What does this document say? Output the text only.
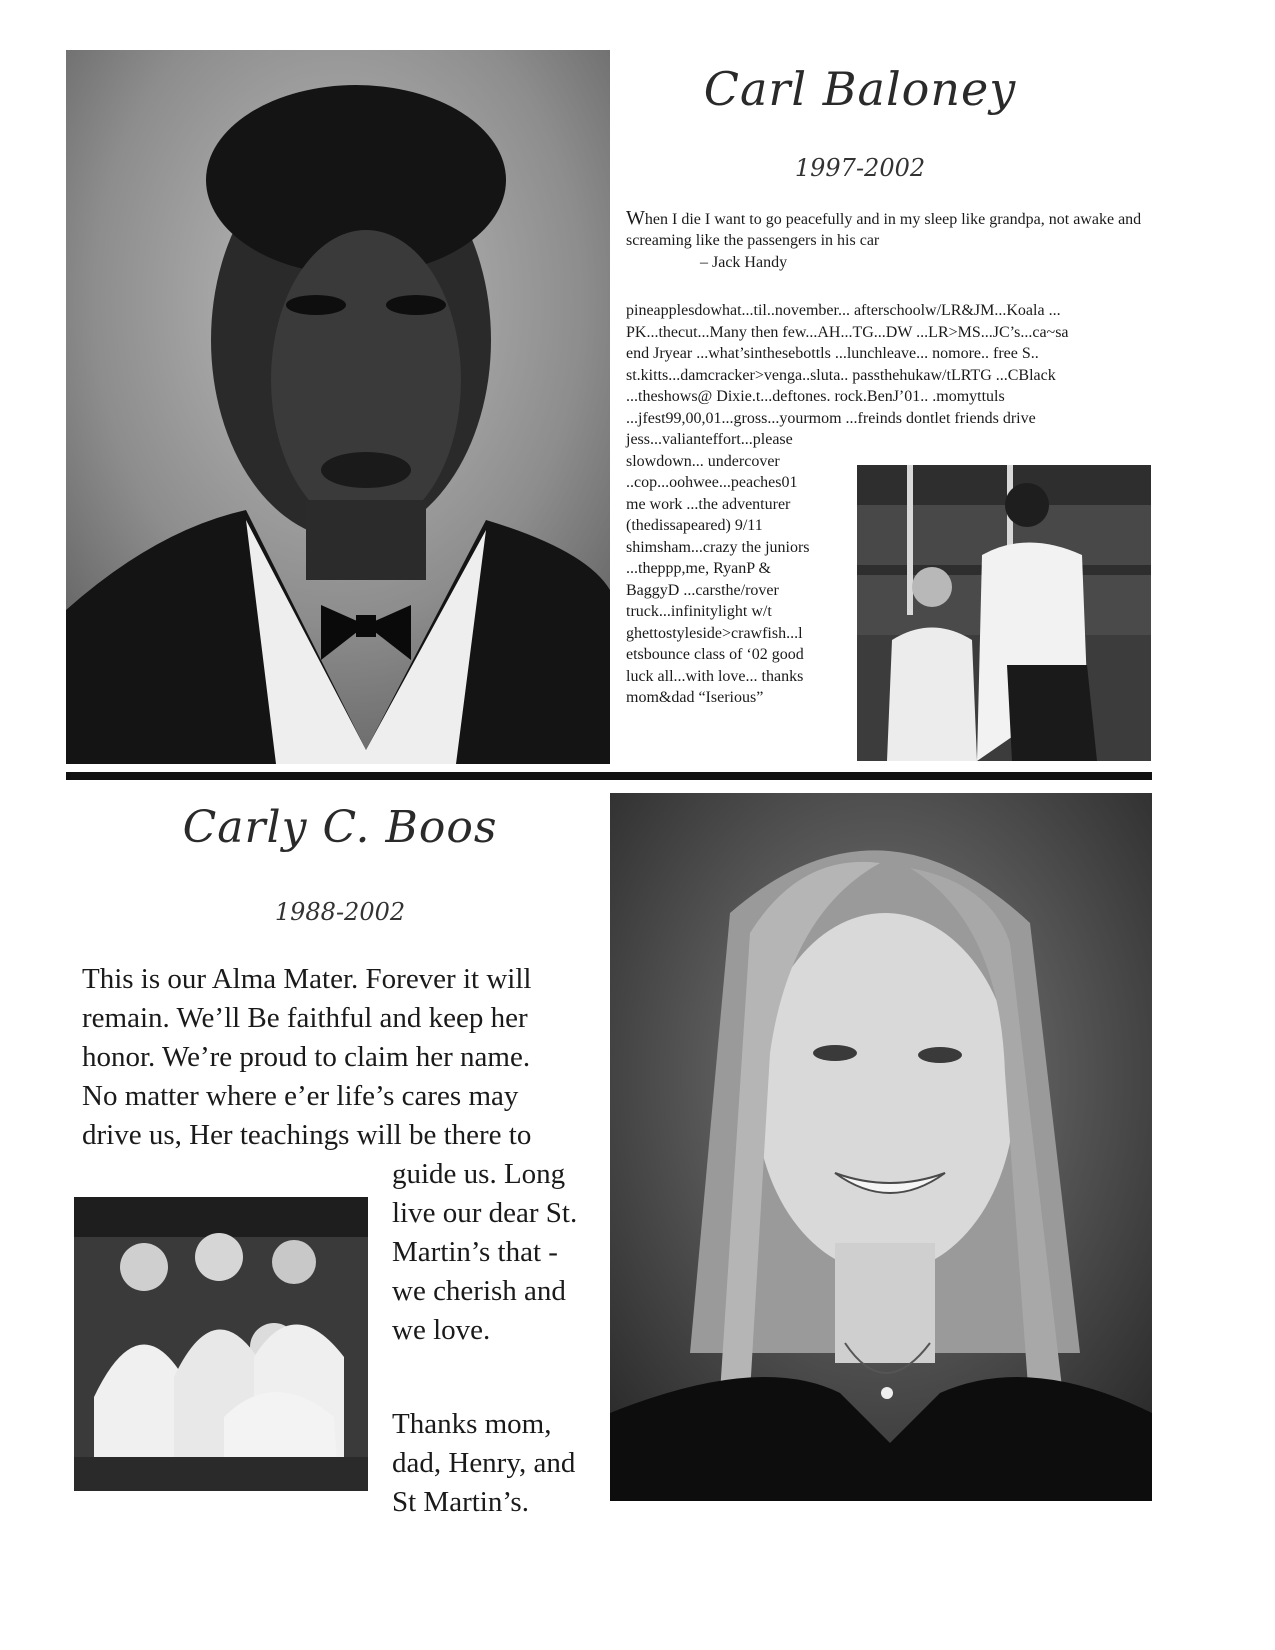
Carl Baloney
1997-2002
When I die I want to go peacefully and in my sleep like grandpa, not awake and screaming like the passengers in his car
– Jack Handy
pineapplesdowhat...til..november... afterschoolw/LR&JM...Koala ...
PK...thecut...Many then few...AH...TG...DW ...LR>MS...JC’s...ca~sa
end Jryear ...what’sinthesebottls ...lunchleave... nomore.. free S..
st.kitts...damcracker>venga..sluta.. passthehukaw/tLRTG ...CBlack
...theshows@ Dixie.t...deftones. rock.BenJ’01.. .momyttuls
...jfest99,00,01...gross...yourmom ...freinds dontlet friends drive
jess...valianteffort...please
slowdown... undercover
..cop...oohwee...peaches01
me work ...the adventurer
(thedissapeared) 9/11
shimsham...crazy the juniors
...theppp,me, RyanP &
BaggyD ...carsthe/rover
truck...infinitylight w/t
ghettostyleside>crawfish...l
etsbounce class of ‘02 good
luck all...with love... thanks
mom&dad “Iserious”
Carly C. Boos
1988-2002
This is our Alma Mater. Forever it will
remain. We’ll Be faithful and keep her
honor. We’re proud to claim her name.
No matter where e’er life’s cares may
drive us, Her teachings will be there to
guide us. Long
live our dear St.
Martin’s that -
we cherish and
we love.
Thanks mom,
dad, Henry, and
St Martin’s.
